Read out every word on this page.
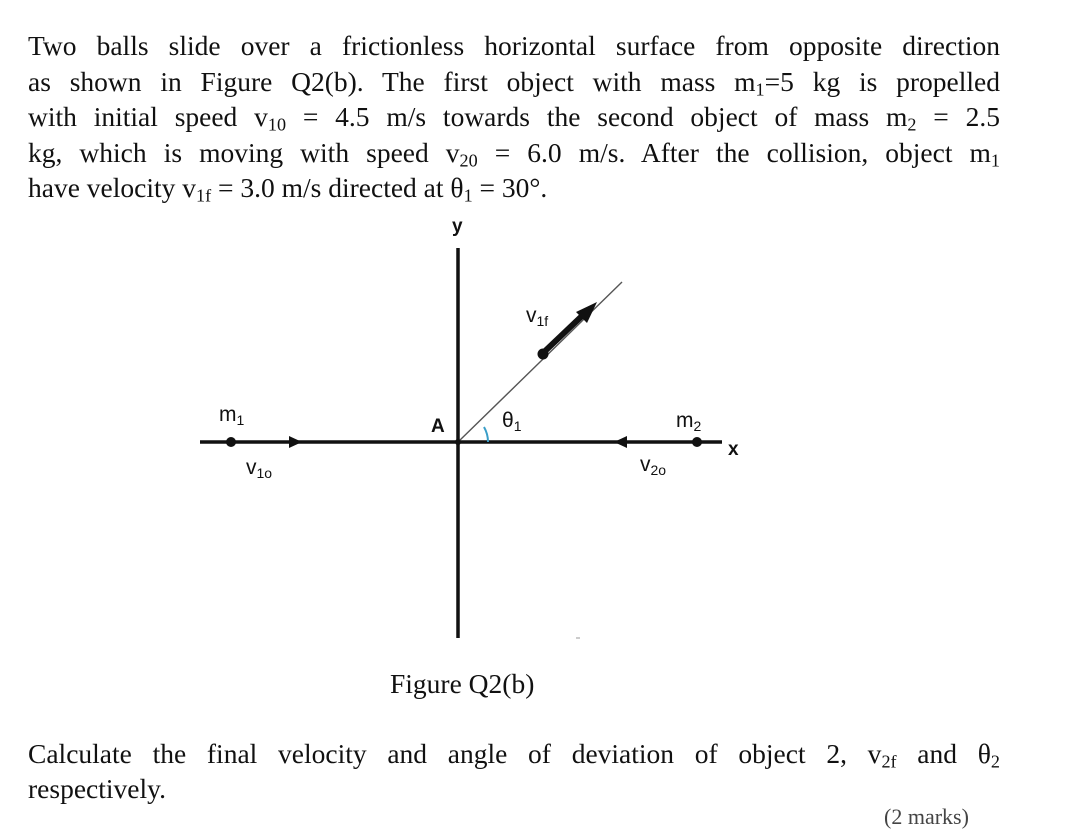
Two balls slide over a frictionless horizontal surface from opposite direction
as shown in Figure Q2(b). The first object with mass $m_1=5$ kg is propelled
with initial speed $v_{10} = 4.5$ m/s towards the second object of mass $m_2 = 2.5$
kg, which is moving with speed $v_{20} = 6.0$ m/s. After the collision, object $m_1$
have velocity $v_{1f} = 3.0$ m/s directed at $\theta_1 = 30^\circ$.
y
x
m1
v1o
A	θ1
v1f
m2
v2o
Figure Q2(b)
Calculate the final velocity and angle of deviation of object 2, $v_{2f}$ and $\theta_2$
respectively.
(2 marks)
